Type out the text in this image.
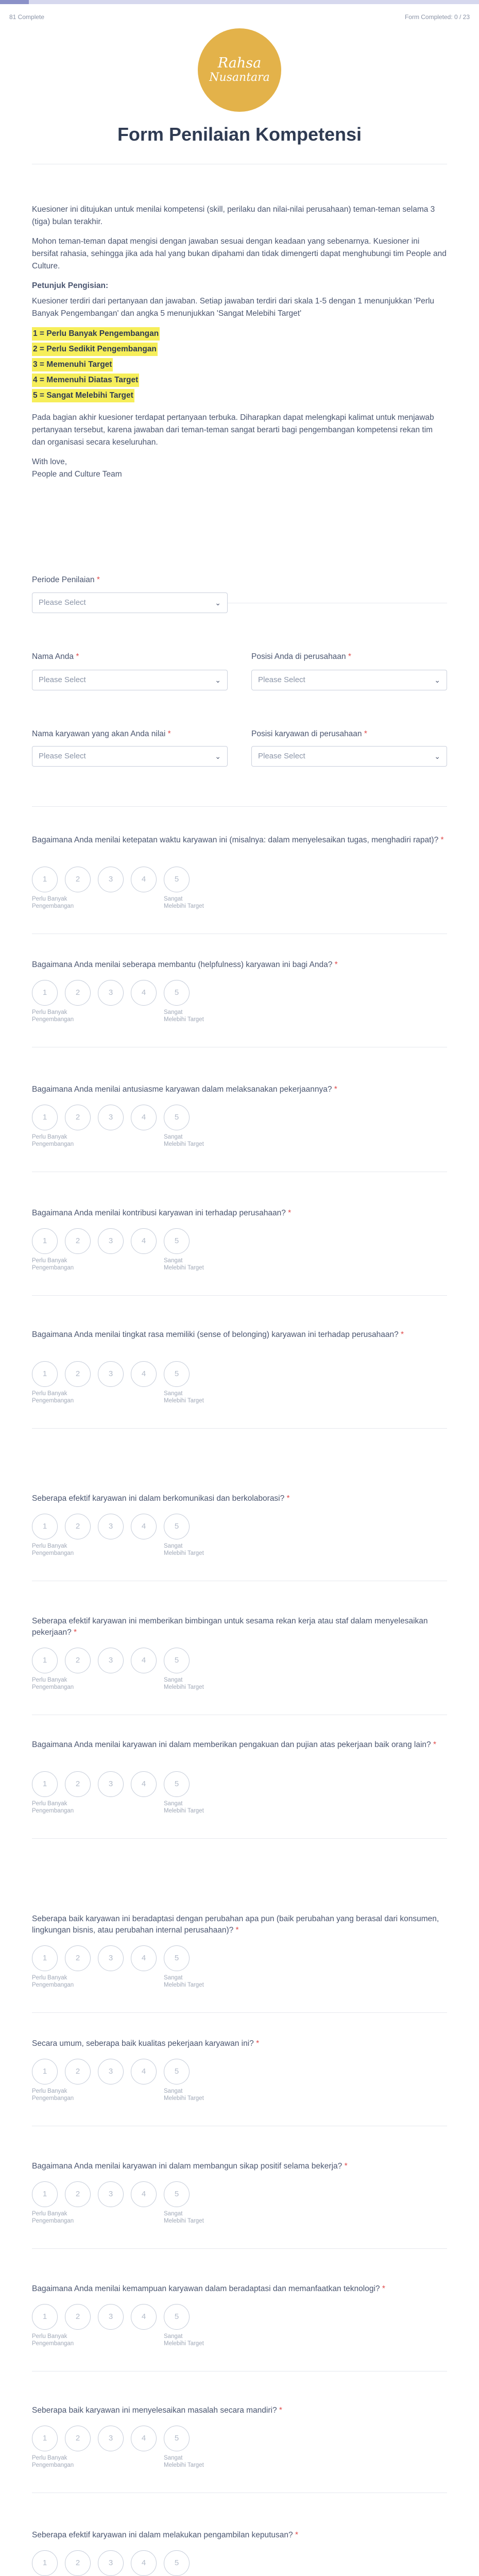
81 Complete	Form Completed: 0 / 23
Rahsa
Nusantara
Form Penilaian Kompetensi

Kuesioner ini ditujukan untuk menilai kompetensi (skill, perilaku dan nilai-nilai perusahaan) teman-teman selama 3 (tiga) bulan terakhir.

Mohon teman-teman dapat mengisi dengan jawaban sesuai dengan keadaan yang sebenarnya. Kuesioner ini bersifat rahasia, sehingga jika ada hal yang bukan dipahami dan tidak dimengerti dapat menghubungi tim People and Culture.

Petunjuk Pengisian:

Kuesioner terdiri dari pertanyaan dan jawaban. Setiap jawaban terdiri dari skala 1-5 dengan 1 menunjukkan 'Perlu Banyak Pengembangan' dan angka 5 menunjukkan 'Sangat Melebihi Target'

1 = Perlu Banyak Pengembangan
2 = Perlu Sedikit Pengembangan
3 = Memenuhi Target
4 = Memenuhi Diatas Target
5 = Sangat Melebihi Target

Pada bagian akhir kuesioner terdapat pertanyaan terbuka. Diharapkan dapat melengkapi kalimat untuk menjawab pertanyaan tersebut, karena jawaban dari teman-teman sangat berarti bagi pengembangan kompetensi rekan tim dan organisasi secara keseluruhan.

With love,

People and Culture Team

Periode Penilaian *
Please Select	⌄
Nama Anda *
Please Select	⌄
Posisi Anda di perusahaan *
Please Select	⌄
Nama karyawan yang akan Anda nilai *
Please Select	⌄
Posisi karyawan di perusahaan *
Please Select	⌄
Bagaimana Anda menilai ketepatan waktu karyawan ini (misalnya: dalam menyelesaikan tugas, menghadiri rapat)? *
1	2	3	4	5
Perlu Banyak Pengembangan
Sangat Melebihi Target
Bagaimana Anda menilai seberapa membantu (helpfulness) karyawan ini bagi Anda? *
1	2	3	4	5
Perlu Banyak Pengembangan
Sangat Melebihi Target
Bagaimana Anda menilai antusiasme karyawan dalam melaksanakan pekerjaannya? *
1	2	3	4	5
Perlu Banyak Pengembangan
Sangat Melebihi Target
Bagaimana Anda menilai kontribusi karyawan ini terhadap perusahaan? *
1	2	3	4	5
Perlu Banyak Pengembangan
Sangat Melebihi Target
Bagaimana Anda menilai tingkat rasa memiliki (sense of belonging) karyawan ini terhadap perusahaan? *
1	2	3	4	5
Perlu Banyak Pengembangan
Sangat Melebihi Target
Seberapa efektif karyawan ini dalam berkomunikasi dan berkolaborasi? *
1	2	3	4	5
Perlu Banyak Pengembangan
Sangat Melebihi Target
Seberapa efektif karyawan ini memberikan bimbingan untuk sesama rekan kerja atau staf dalam menyelesaikan pekerjaan? *
1	2	3	4	5
Perlu Banyak Pengembangan
Sangat Melebihi Target
Bagaimana Anda menilai karyawan ini dalam memberikan pengakuan dan pujian atas pekerjaan baik orang lain? *
1	2	3	4	5
Perlu Banyak Pengembangan
Sangat Melebihi Target
Seberapa baik karyawan ini beradaptasi dengan perubahan apa pun (baik perubahan yang berasal dari konsumen, lingkungan bisnis, atau perubahan internal perusahaan)? *
1	2	3	4	5
Perlu Banyak Pengembangan
Sangat Melebihi Target
Secara umum, seberapa baik kualitas pekerjaan karyawan ini? *
1	2	3	4	5
Perlu Banyak Pengembangan
Sangat Melebihi Target
Bagaimana Anda menilai karyawan ini dalam membangun sikap positif selama bekerja? *
1	2	3	4	5
Perlu Banyak Pengembangan
Sangat Melebihi Target
Bagaimana Anda menilai kemampuan karyawan dalam beradaptasi dan memanfaatkan teknologi? *
1	2	3	4	5
Perlu Banyak Pengembangan
Sangat Melebihi Target
Seberapa baik karyawan ini menyelesaikan masalah secara mandiri? *
1	2	3	4	5
Perlu Banyak Pengembangan
Sangat Melebihi Target
Seberapa efektif karyawan ini dalam melakukan pengambilan keputusan? *
1	2	3	4	5
